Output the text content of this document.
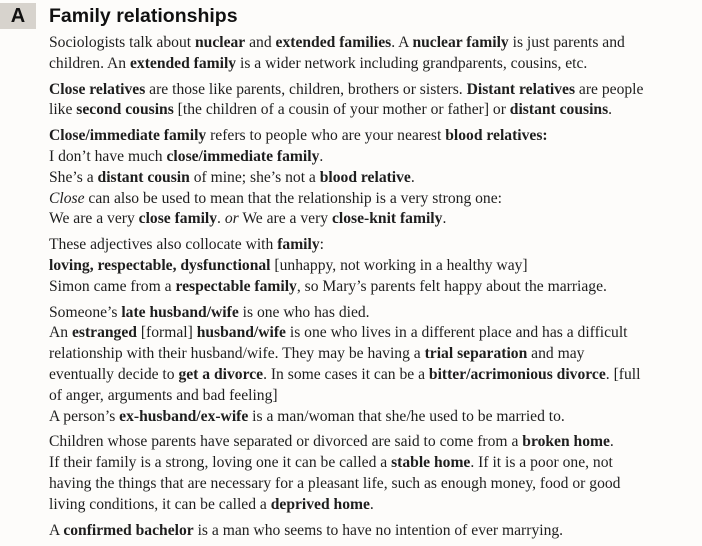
A	Family relationships
Sociologists talk about nuclear and extended families. A nuclear family is just parents and
children. An extended family is a wider network including grandparents, cousins, etc.
Close relatives are those like parents, children, brothers or sisters. Distant relatives are people
like second cousins [the children of a cousin of your mother or father] or distant cousins.
Close/immediate family refers to people who are your nearest blood relatives:
I don’t have much close/immediate family.
She’s a distant cousin of mine; she’s not a blood relative.
Close can also be used to mean that the relationship is a very strong one:
We are a very close family. or We are a very close-knit family.
These adjectives also collocate with family:
loving, respectable, dysfunctional [unhappy, not working in a healthy way]
Simon came from a respectable family, so Mary’s parents felt happy about the marriage.
Someone’s late husband/wife is one who has died.
An estranged [formal] husband/wife is one who lives in a different place and has a difficult
relationship with their husband/wife. They may be having a trial separation and may
eventually decide to get a divorce. In some cases it can be a bitter/acrimonious divorce. [full
of anger, arguments and bad feeling]
A person’s ex-husband/ex-wife is a man/woman that she/he used to be married to.
Children whose parents have separated or divorced are said to come from a broken home.
If their family is a strong, loving one it can be called a stable home. If it is a poor one, not
having the things that are necessary for a pleasant life, such as enough money, food or good
living conditions, it can be called a deprived home.
A confirmed bachelor is a man who seems to have no intention of ever marrying.
